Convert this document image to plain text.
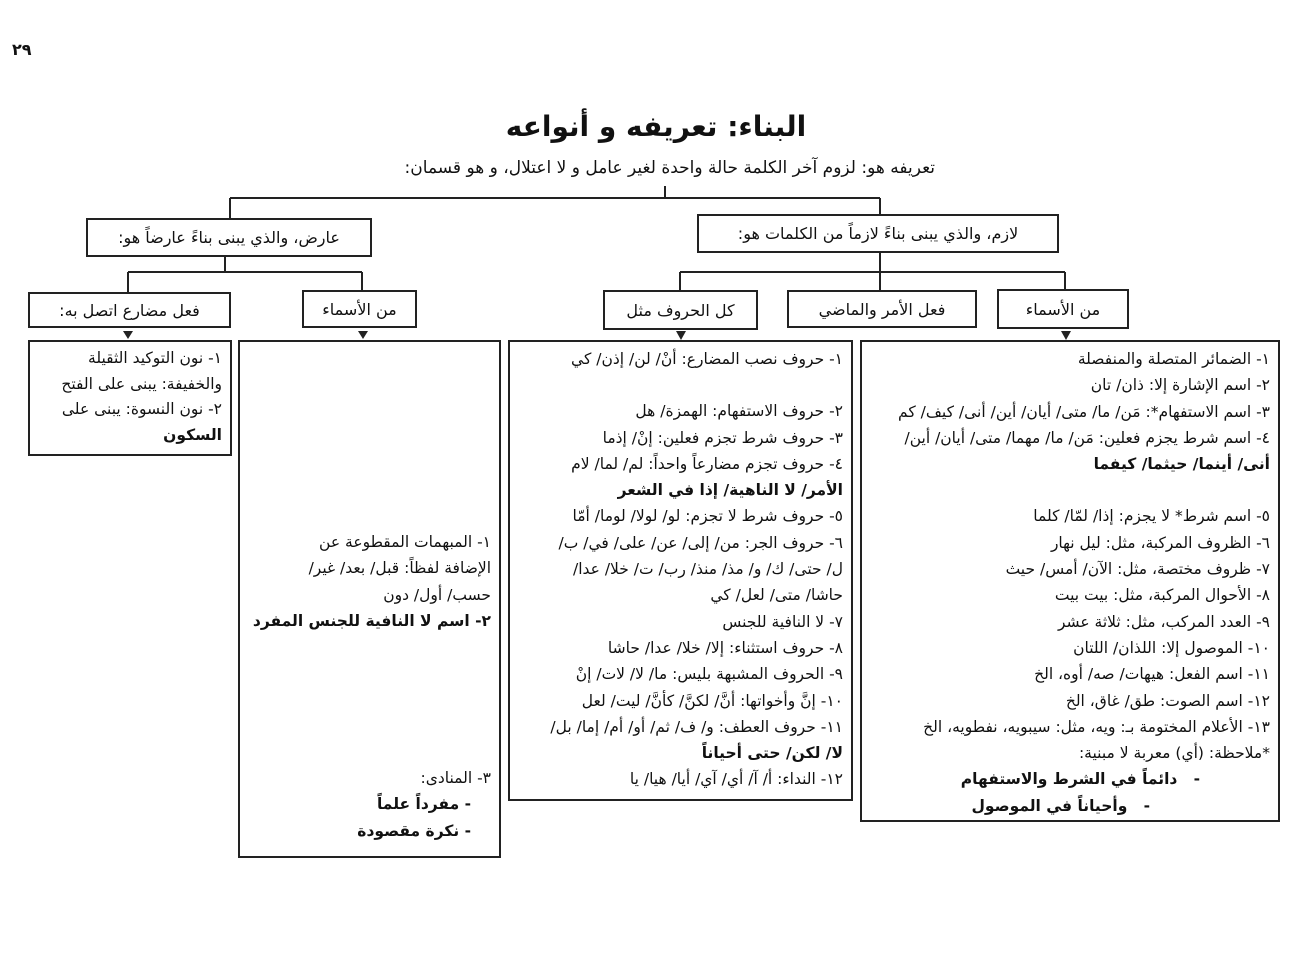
٢٩
البناء: تعريفه و أنواعه
تعريفه هو: لزوم آخر الكلمة حالة واحدة لغير عامل و لا اعتلال، و هو قسمان:
لازم، والذي يبنى بناءً لازماً من الكلمات هو:
عارض، والذي يبنى بناءً عارضاً هو:
من الأسماء
فعل الأمر والماضي
كل الحروف مثل
من الأسماء
فعل مضارع اتصل به:
١- الضمائر المتصلة والمنفصلة
٢- اسم الإشارة إلا: ذان/ تان
٣- اسم الاستفهام*: مَن/ ما/ متى/ أيان/ أين/ أنى/ كيف/ كم
٤- اسم شرط يجزم فعلين: مَن/ ما/ مهما/ متى/ أيان/ أين/
أنى/ أينما/ حيثما/ كيفما
٥- اسم شرط* لا يجزم: إذا/ لمّا/ كلما
٦- الظروف المركبة، مثل: ليل نهار
٧- ظروف مختصة، مثل: الآن/ أمس/ حيث
٨- الأحوال المركبة، مثل: بيت بيت
٩- العدد المركب، مثل: ثلاثة عشر
١٠- الموصول إلا: اللذان/ اللتان
١١- اسم الفعل: هيهات/ صه/ أوه، الخ
١٢- اسم الصوت: طق/ غاق، الخ
١٣- الأعلام المختومة بـ: ويه، مثل: سيبويه، نفطويه، الخ
*ملاحظة: (أي) معربة لا مبنية:
-   دائماً في الشرط والاستفهام
-   وأحياناً في الموصول
١- حروف نصب المضارع: أنْ/ لن/ إذن/ كي
٢- حروف الاستفهام: الهمزة/ هل
٣- حروف شرط تجزم فعلين: إنْ/ إذما
٤- حروف تجزم مضارعاً واحداً: لم/ لما/ لام
الأمر/ لا الناهية/ إذا في الشعر
٥- حروف شرط لا تجزم: لو/ لولا/ لوما/ أمّا
٦- حروف الجر: من/ إلى/ عن/ على/ في/ ب/
ل/ حتى/ ك/ و/ مذ/ منذ/ رب/ ت/ خلا/ عدا/
حاشا/ متى/ لعل/ كي
٧- لا النافية للجنس
٨- حروف استثناء: إلا/ خلا/ عدا/ حاشا
٩- الحروف المشبهة بليس: ما/ لا/ لات/ إنْ
١٠- إنَّ وأخواتها: أنَّ/ لكنَّ/ كأنَّ/ ليت/ لعل
١١- حروف العطف: و/ ف/ ثم/ أو/ أم/ إما/ بل/
لا/ لكن/ حتى أحياناً
١٢- النداء: أ/ آ/ أي/ آي/ أيا/ هيا/ يا
١- المبهمات المقطوعة عن
الإضافة لفظاً: قبل/ بعد/ غير/
حسب/ أول/ دون
٢- اسم لا النافية للجنس المفرد
٣- المنادى:
- مفرداً علماً
- نكرة مقصودة
١- نون التوكيد الثقيلة
والخفيفة: يبنى على الفتح
٢- نون النسوة: يبنى على
السكون
